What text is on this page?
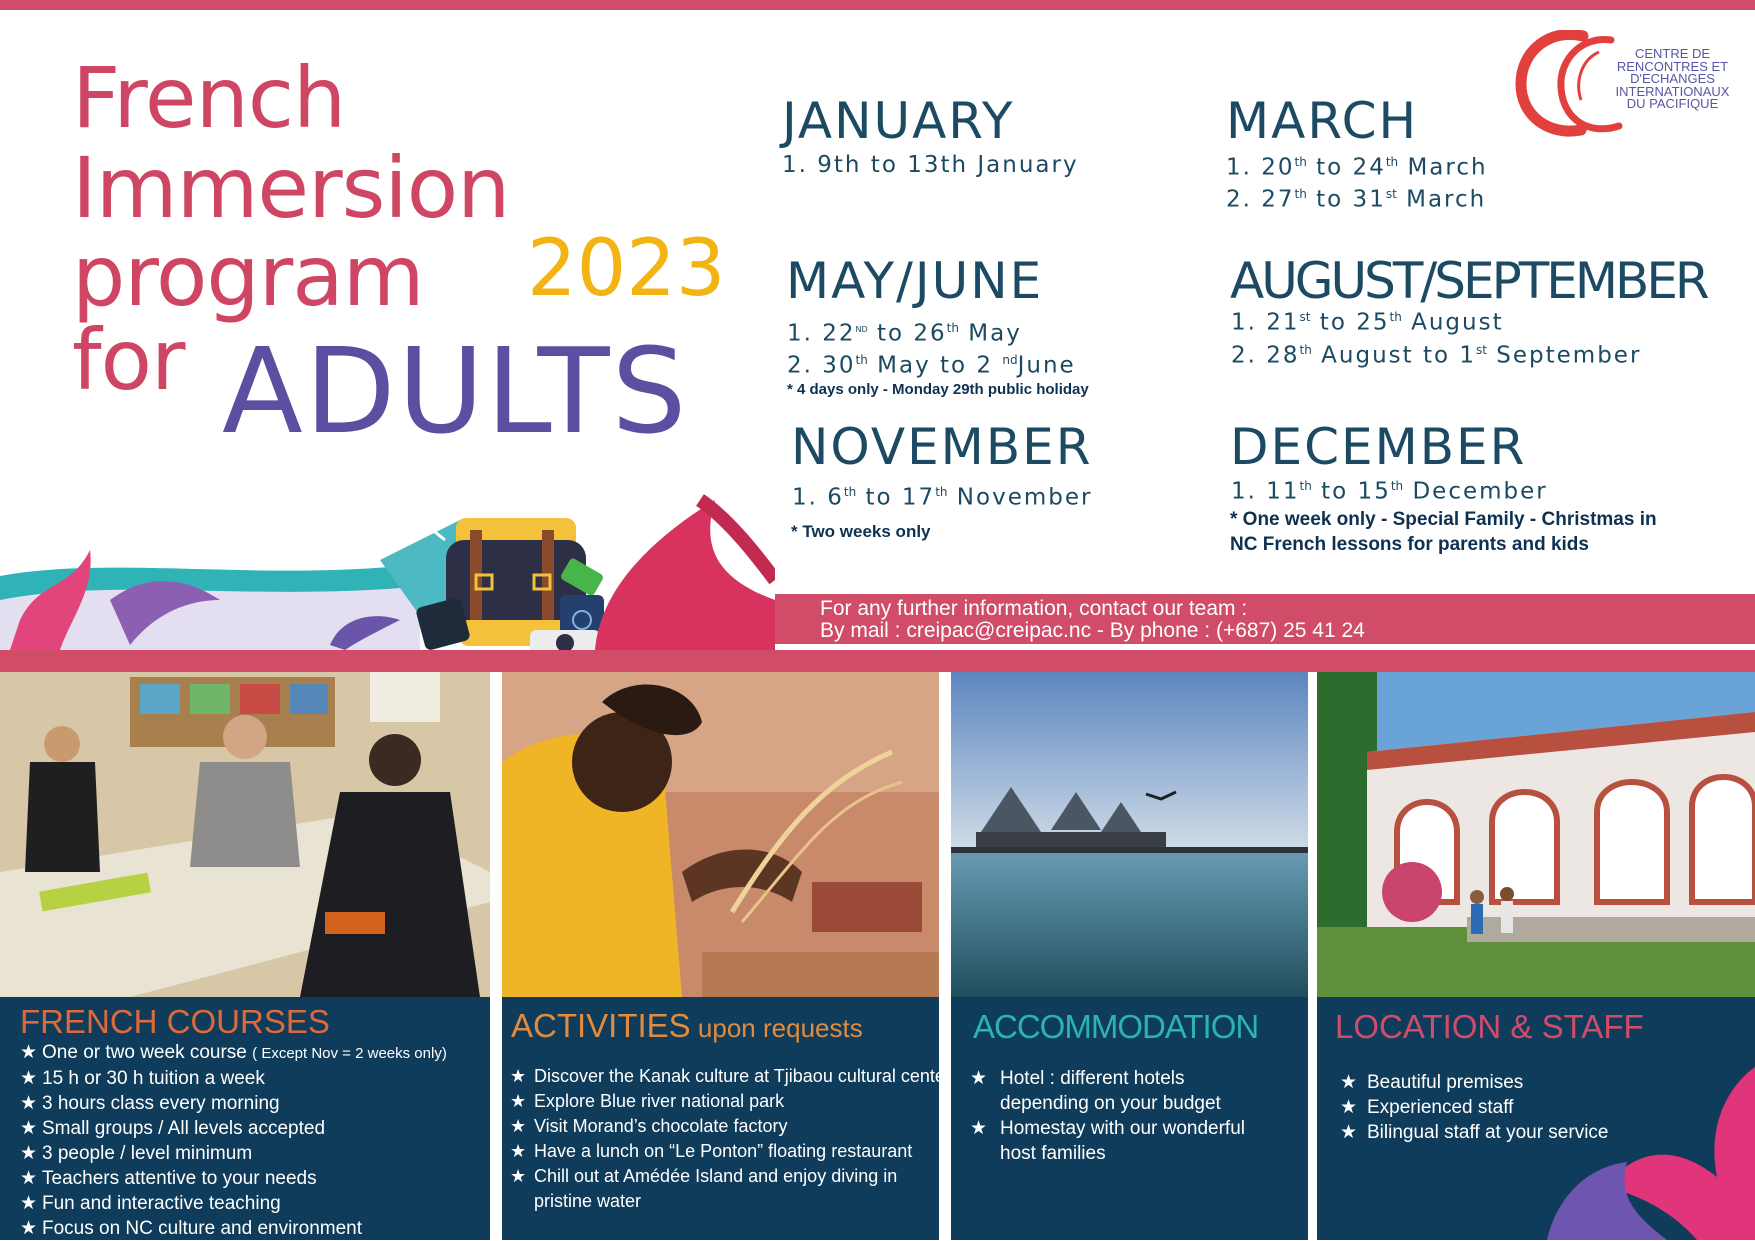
French
Immersion
program
for
2023
ADULTS
CENTRE DE
RENCONTRES ET
D'ECHANGES
INTERNATIONAUX
DU PACIFIQUE
JANUARY
1. 9th to 13th January
MARCH
1. 20th to 24th March
2. 27th to 31st March
MAY/JUNE
1. 22ND to 26th May
2. 30th May to 2 $^{nd}$June
* 4 days only - Monday 29th public holiday
AUGUST/SEPTEMBER
1. 21st to 25th August
2. 28th August to 1st September
NOVEMBER
1. 6th to 17th November
* Two weeks only
DECEMBER
1. 11th to 15th December
* One week only - Special Family - Christmas in
NC French lessons for parents and kids
For any further information, contact our team :
By mail : creipac@creipac.nc - By phone : (+687) 25 41 24
FRENCH COURSES
★ One or two week course ( Except Nov = 2 weeks only)
★ 15 h or 30 h tuition a week
★ 3 hours class every morning
★ Small groups / All levels accepted
★ 3 people / level minimum
★ Teachers attentive to your needs
★ Fun and interactive teaching
★ Focus on NC culture and environment
ACTIVITIES upon requests
★ Discover the Kanak culture at Tjibaou cultural center
★ Explore Blue river national park
★ Visit Morand’s chocolate factory
★ Have a lunch on “Le Ponton” floating restaurant
★ Chill out at Amédée Island and enjoy diving in
pristine water
ACCOMMODATION
★ Hotel : different hotels
depending on your budget
★ Homestay with our wonderful
host families
LOCATION & STAFF
★ Beautiful premises
★ Experienced staff
★ Bilingual staff at your service
